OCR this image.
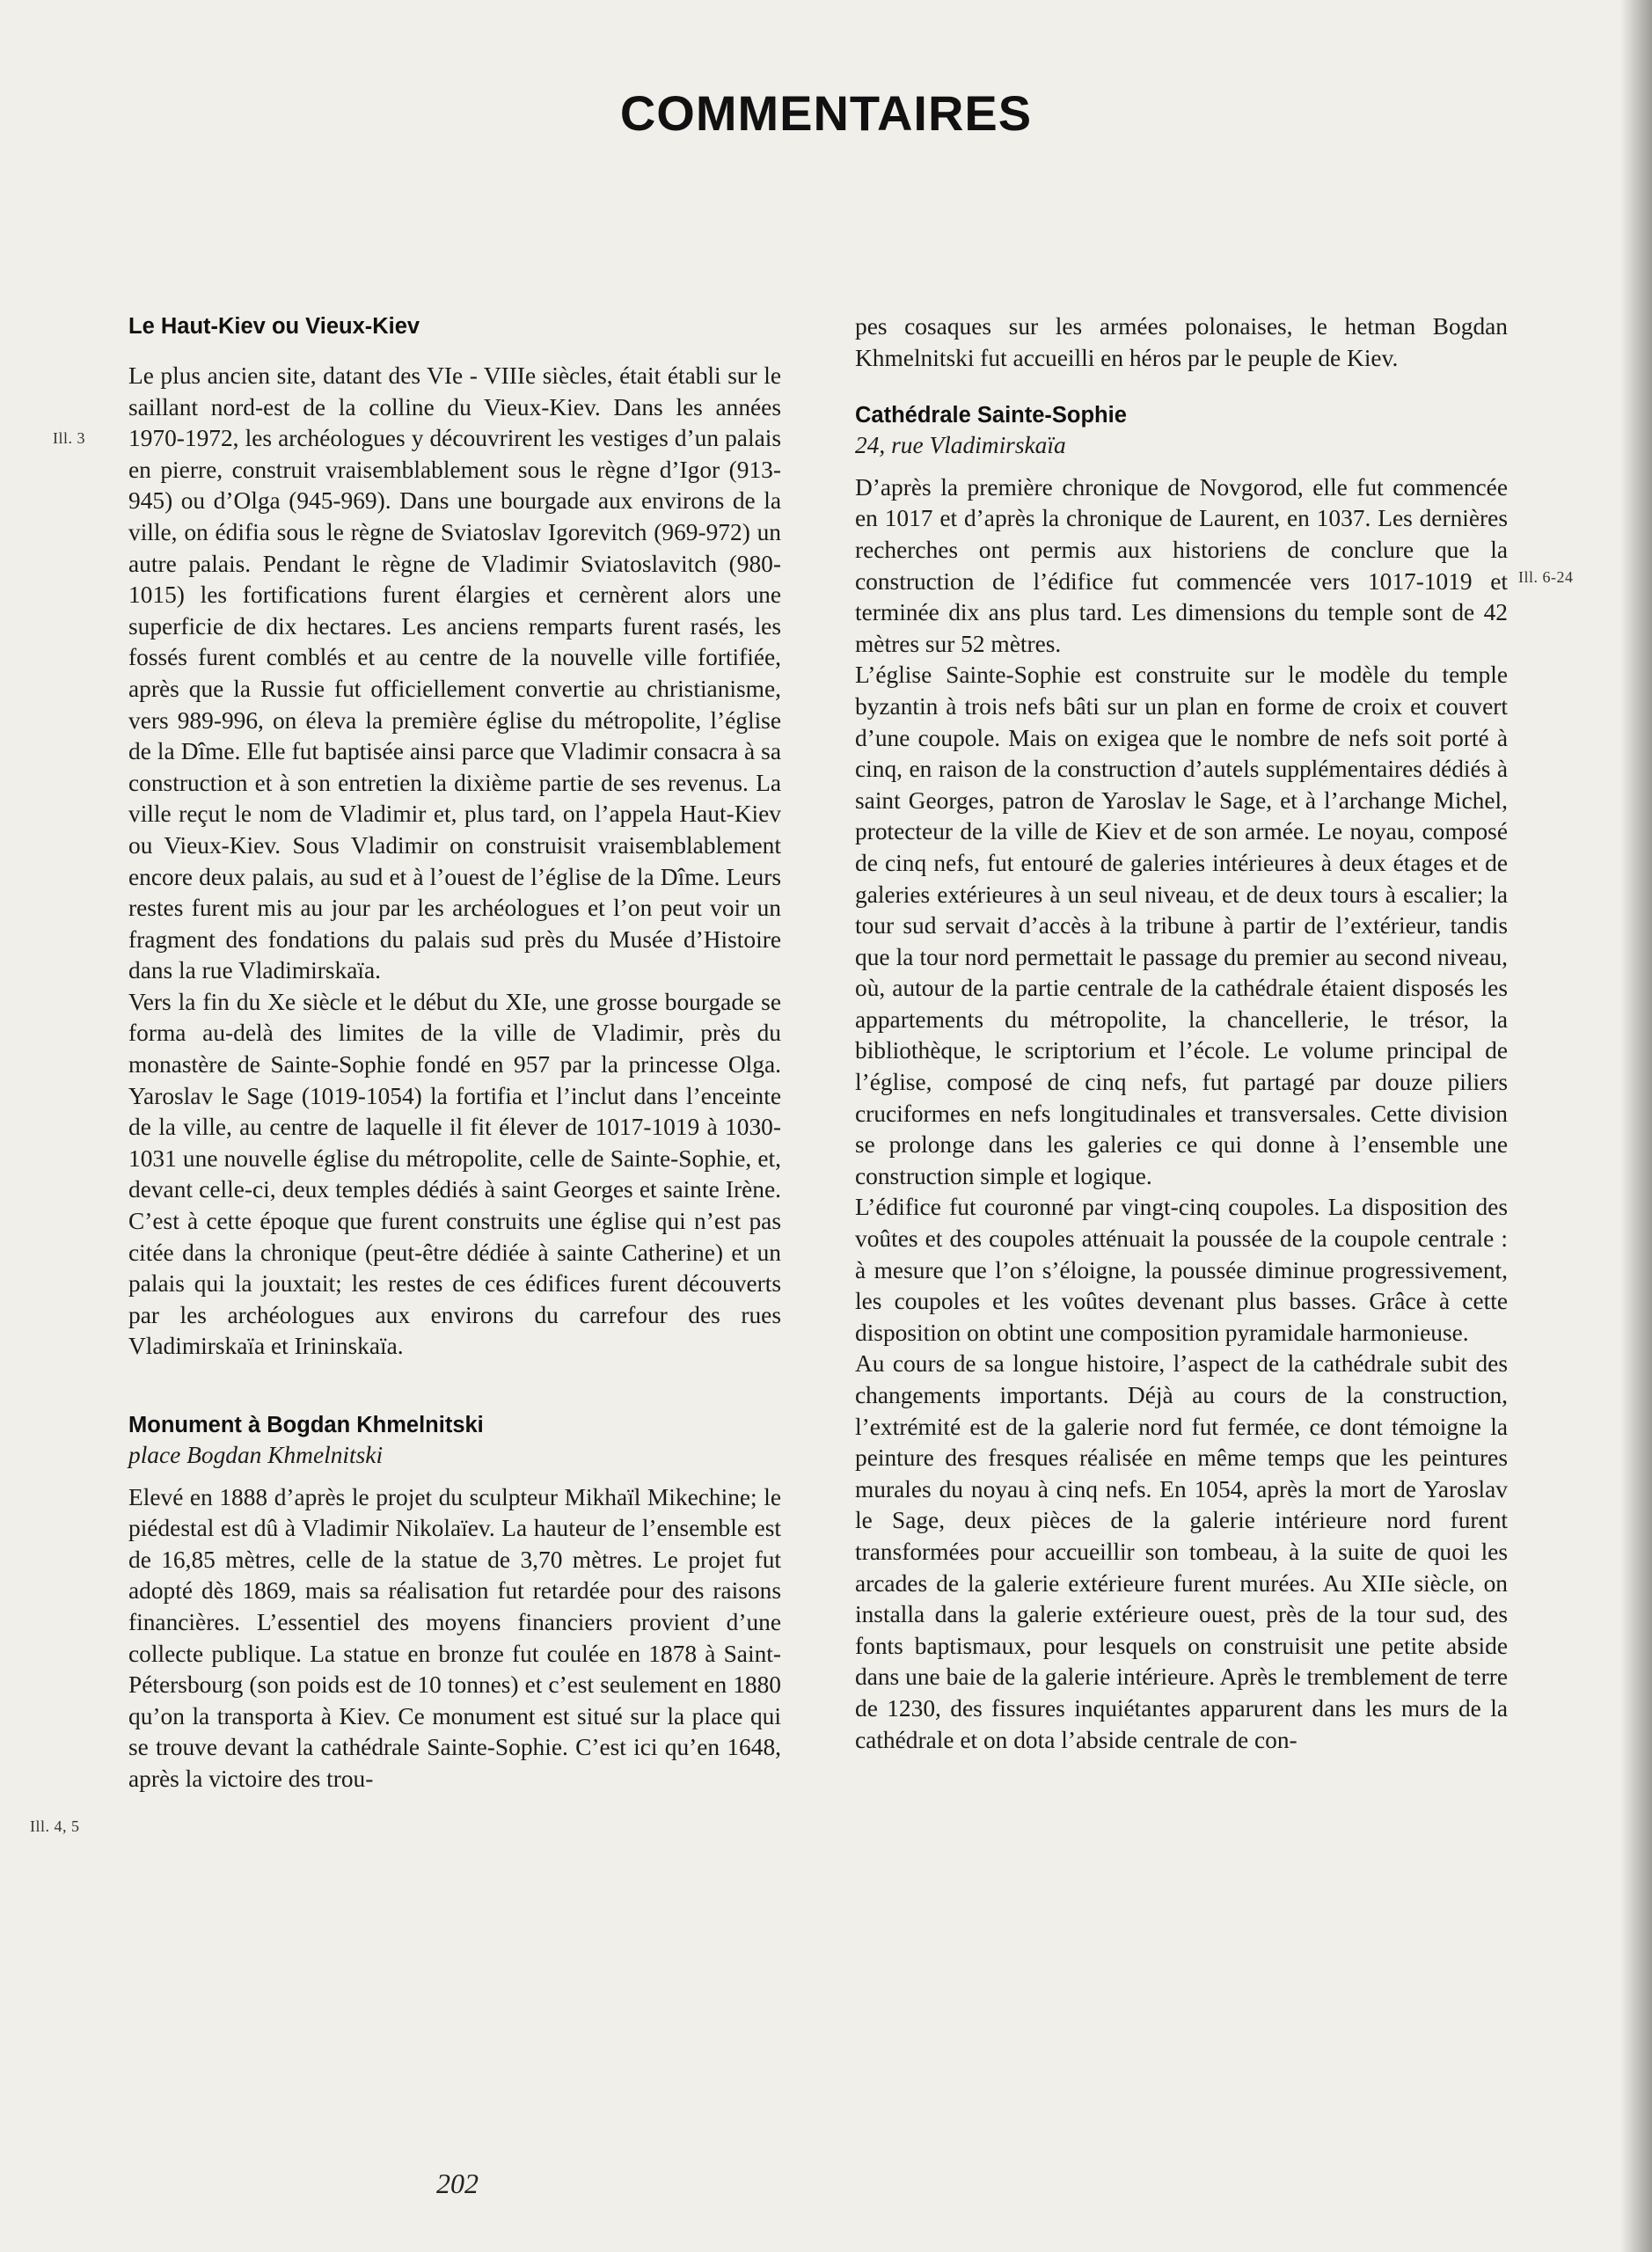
COMMENTAIRES
Ill. 3
Ill. 4, 5
Ill. 6-24
Le Haut-Kiev ou Vieux-Kiev

Le plus ancien site, datant des VIe - VIIIe siècles, était établi sur le saillant nord-est de la colline du Vieux-Kiev. Dans les années 1970-1972, les archéologues y découvrirent les vestiges d’un palais en pierre, construit vraisemblablement sous le règne d’Igor (913-945) ou d’Olga (945-969). Dans une bourgade aux environs de la ville, on édifia sous le règne de Sviatoslav Igorevitch (969-972) un autre palais. Pendant le règne de Vladimir Sviatoslavitch (980-1015) les fortifications furent élargies et cernèrent alors une superficie de dix hectares. Les anciens remparts furent rasés, les fossés furent comblés et au centre de la nouvelle ville fortifiée, après que la Russie fut officiellement convertie au christianisme, vers 989-996, on éleva la première église du métropolite, l’église de la Dîme. Elle fut baptisée ainsi parce que Vladimir consacra à sa construction et à son entretien la dixième partie de ses revenus. La ville reçut le nom de Vladimir et, plus tard, on l’appela Haut-Kiev ou Vieux-Kiev. Sous Vladimir on construisit vraisemblablement encore deux palais, au sud et à l’ouest de l’église de la Dîme. Leurs restes furent mis au jour par les archéologues et l’on peut voir un fragment des fondations du palais sud près du Musée d’Histoire dans la rue Vladimirskaïa.

Vers la fin du Xe siècle et le début du XIe, une grosse bourgade se forma au-delà des limites de la ville de Vladimir, près du monastère de Sainte-Sophie fondé en 957 par la princesse Olga. Yaroslav le Sage (1019-1054) la fortifia et l’inclut dans l’enceinte de la ville, au centre de laquelle il fit élever de 1017-1019 à 1030-1031 une nouvelle église du métropolite, celle de Sainte-Sophie, et, devant celle-ci, deux temples dédiés à saint Georges et sainte Irène. C’est à cette époque que furent construits une église qui n’est pas citée dans la chronique (peut-être dédiée à sainte Catherine) et un palais qui la jouxtait; les restes de ces édifices furent découverts par les archéologues aux environs du carrefour des rues Vladimirskaïa et Irininskaïa.

Monument à Bogdan Khmelnitski

place Bogdan Khmelnitski

Elevé en 1888 d’après le projet du sculpteur Mikhaïl Mikechine; le piédestal est dû à Vladimir Nikolaïev. La hauteur de l’ensemble est de 16,85 mètres, celle de la statue de 3,70 mètres. Le projet fut adopté dès 1869, mais sa réalisation fut retardée pour des raisons financières. L’essentiel des moyens financiers provient d’une collecte publique. La statue en bronze fut coulée en 1878 à Saint-Pétersbourg (son poids est de 10 tonnes) et c’est seulement en 1880 qu’on la transporta à Kiev. Ce monument est situé sur la place qui se trouve devant la cathédrale Sainte-Sophie. C’est ici qu’en 1648, après la victoire des trou-

pes cosaques sur les armées polonaises, le hetman Bogdan Khmelnitski fut accueilli en héros par le peuple de Kiev.

Cathédrale Sainte-Sophie

24, rue Vladimirskaïa

D’après la première chronique de Novgorod, elle fut commencée en 1017 et d’après la chronique de Laurent, en 1037. Les dernières recherches ont permis aux historiens de conclure que la construction de l’édifice fut commencée vers 1017-1019 et terminée dix ans plus tard. Les dimensions du temple sont de 42 mètres sur 52 mètres.

L’église Sainte-Sophie est construite sur le modèle du temple byzantin à trois nefs bâti sur un plan en forme de croix et couvert d’une coupole. Mais on exigea que le nombre de nefs soit porté à cinq, en raison de la construction d’autels supplémentaires dédiés à saint Georges, patron de Yaroslav le Sage, et à l’archange Michel, protecteur de la ville de Kiev et de son armée. Le noyau, composé de cinq nefs, fut entouré de galeries intérieures à deux étages et de galeries extérieures à un seul niveau, et de deux tours à escalier; la tour sud servait d’accès à la tribune à partir de l’extérieur, tandis que la tour nord permettait le passage du premier au second niveau, où, autour de la partie centrale de la cathédrale étaient disposés les appartements du métropolite, la chancellerie, le trésor, la bibliothèque, le scriptorium et l’école. Le volume principal de l’église, composé de cinq nefs, fut partagé par douze piliers cruciformes en nefs longitudinales et transversales. Cette division se prolonge dans les galeries ce qui donne à l’ensemble une construction simple et logique.

L’édifice fut couronné par vingt-cinq coupoles. La disposition des voûtes et des coupoles atténuait la poussée de la coupole centrale : à mesure que l’on s’éloigne, la poussée diminue progressivement, les coupoles et les voûtes devenant plus basses. Grâce à cette disposition on obtint une composition pyramidale harmonieuse.

Au cours de sa longue histoire, l’aspect de la cathédrale subit des changements importants. Déjà au cours de la construction, l’extrémité est de la galerie nord fut fermée, ce dont témoigne la peinture des fresques réalisée en même temps que les peintures murales du noyau à cinq nefs. En 1054, après la mort de Yaroslav le Sage, deux pièces de la galerie intérieure nord furent transformées pour accueillir son tombeau, à la suite de quoi les arcades de la galerie extérieure furent murées. Au XIIe siècle, on installa dans la galerie extérieure ouest, près de la tour sud, des fonts baptismaux, pour lesquels on construisit une petite abside dans une baie de la galerie intérieure. Après le tremblement de terre de 1230, des fissures inquiétantes apparurent dans les murs de la cathédrale et on dota l’abside centrale de con-

202
